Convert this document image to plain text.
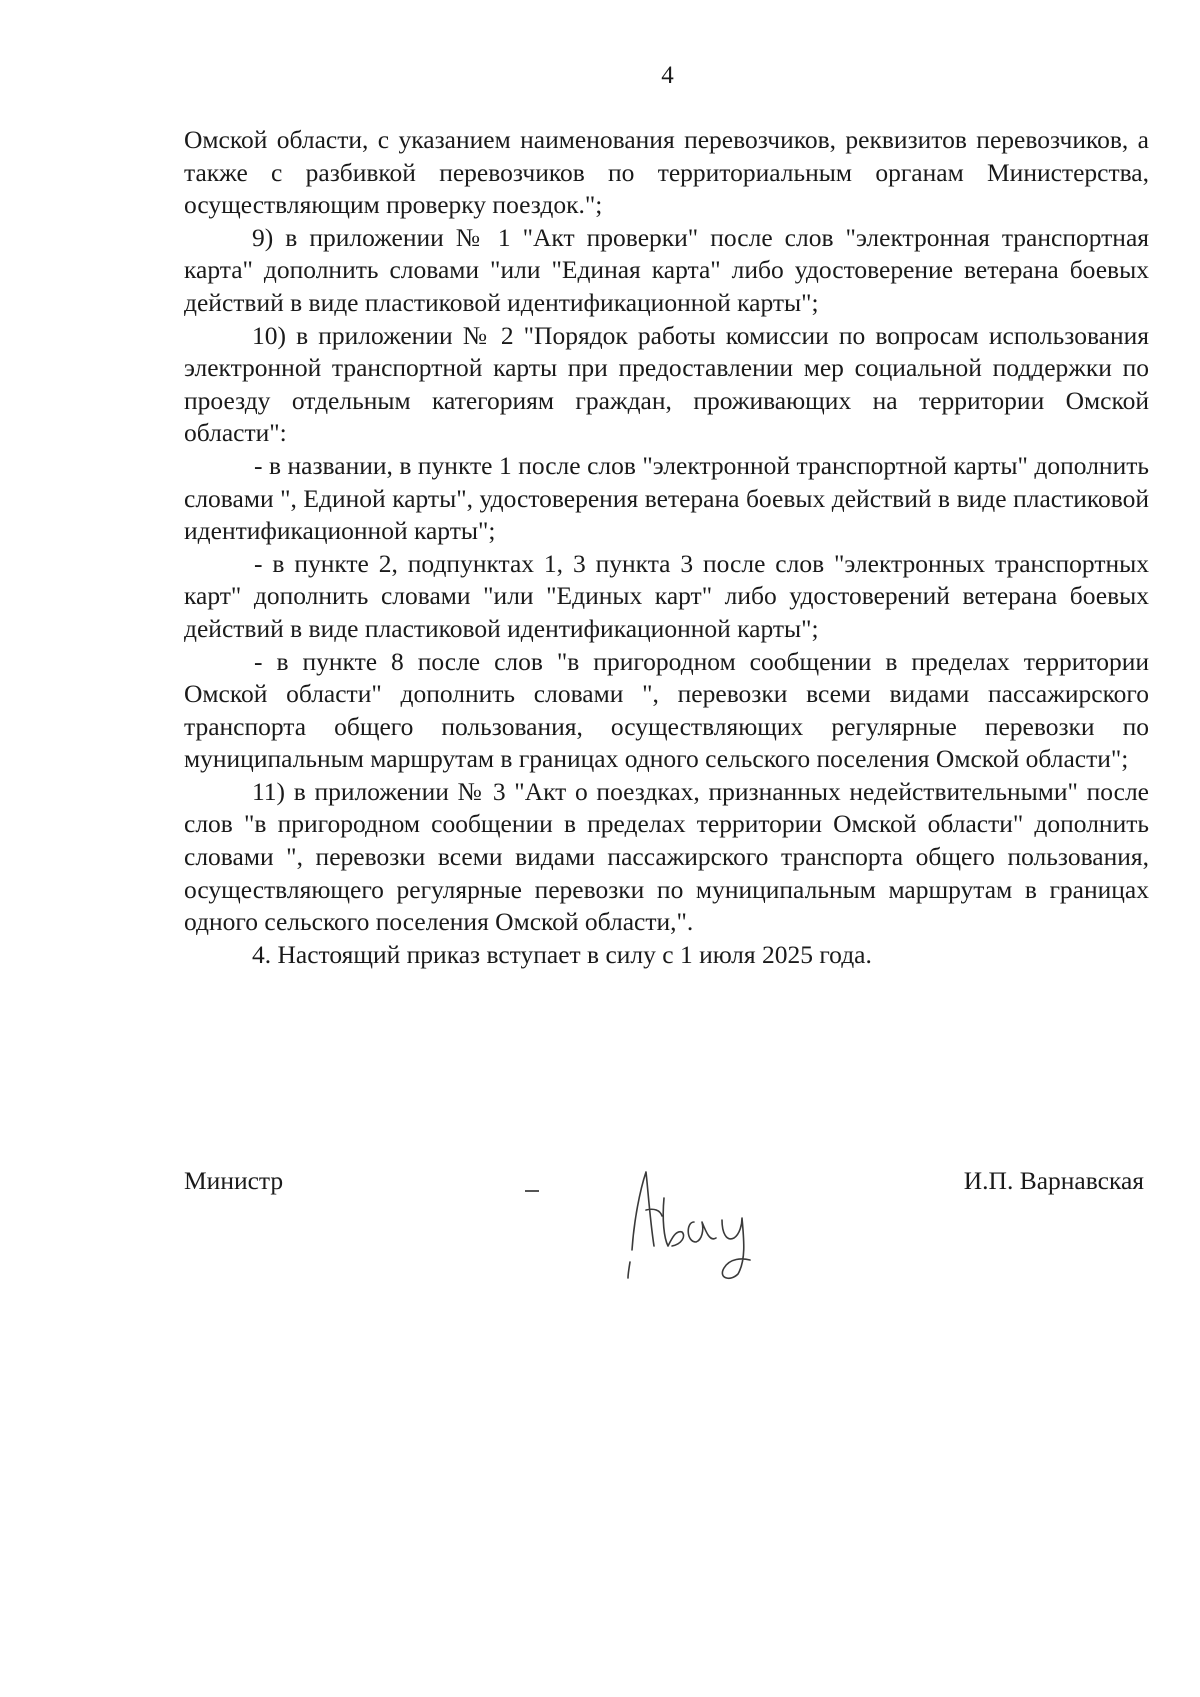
4

Омской области, с указанием наименования перевозчиков, реквизитов перевозчиков, а также с разбивкой перевозчиков по территориальным органам Министерства, осуществляющим проверку поездок.";

9) в приложении № 1 "Акт проверки" после слов "электронная транспортная карта" дополнить словами "или "Единая карта" либо удостоверение ветерана боевых действий в виде пластиковой идентификационной карты";

10) в приложении № 2 "Порядок работы комиссии по вопросам использования электронной транспортной карты при предоставлении мер социальной поддержки по проезду отдельным категориям граждан, проживающих на территории Омской области":

- в названии, в пункте 1 после слов "электронной транспортной карты" дополнить словами ", Единой карты", удостоверения ветерана боевых действий в виде пластиковой идентификационной карты";

- в пункте 2, подпунктах 1, 3 пункта 3 после слов "электронных транспортных карт" дополнить словами "или "Единых карт" либо удостоверений ветерана боевых действий в виде пластиковой идентификационной карты";

- в пункте 8 после слов "в пригородном сообщении в пределах территории Омской области" дополнить словами ", перевозки всеми видами пассажирского транспорта общего пользования, осуществляющих регулярные перевозки по муниципальным маршрутам в границах одного сельского поселения Омской области";

11) в приложении № 3 "Акт о поездках, признанных недействительными" после слов "в пригородном сообщении в пределах территории Омской области" дополнить словами ", перевозки всеми видами пассажирского транспорта общего пользования, осуществляющего регулярные перевозки по муниципальным маршрутам в границах одного сельского поселения Омской области,".

4. Настоящий приказ вступает в силу с 1 июля 2025 года.

Министр	И.П. Варнавская
